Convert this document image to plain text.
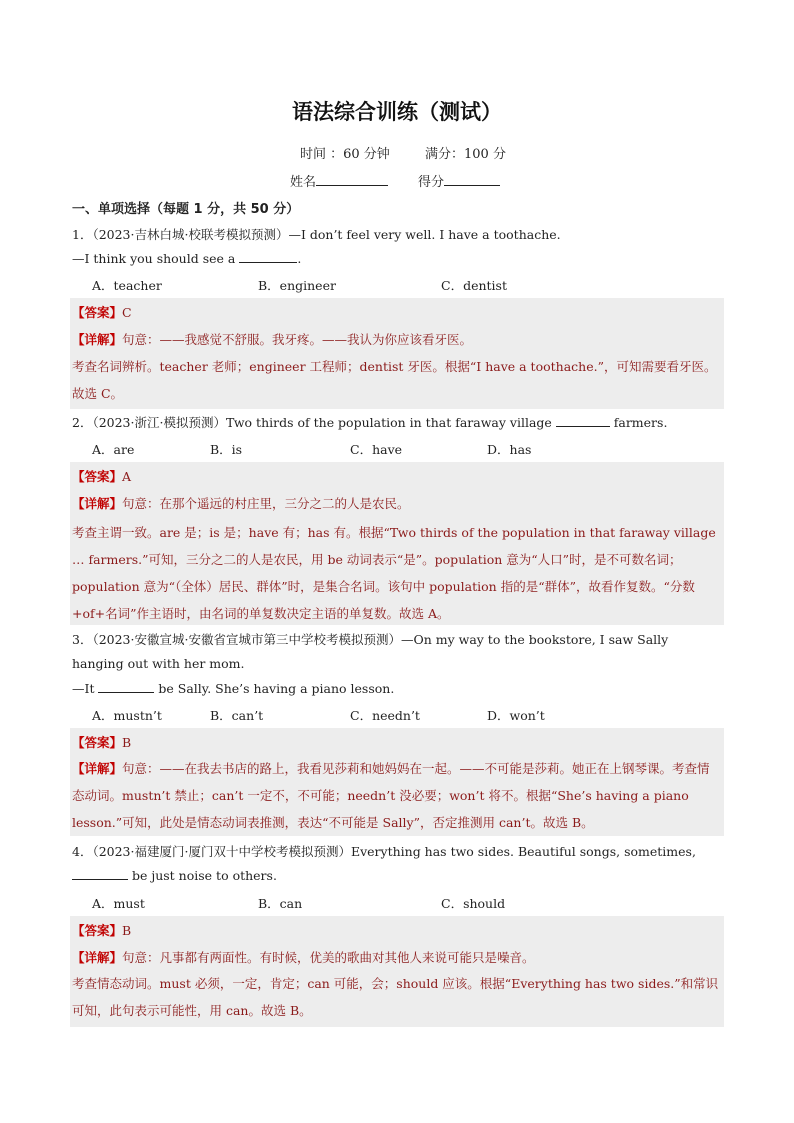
语法综合训练（测试）
时间 ：60 分钟	满分：100 分
姓名	得分
一、单项选择（每题 1 分，共 50 分）
1．（2023·吉林白城·校联考模拟预测）—I don’t feel very well. I have a toothache.
—I think you should see a	.
A．teacher	B．engineer	C．dentist
【答案】C
【详解】句意：——我感觉不舒服。我牙疼。——我认为你应该看牙医。
考查名词辨析。teacher 老师；engineer 工程师；dentist 牙医。根据“I have a toothache.”，可知需要看牙医。
故选 C。
2．（2023·浙江·模拟预测）Two thirds of the population in that faraway village	farmers.
A．are	B．is	C．have	D．has
【答案】A
【详解】句意：在那个遥远的村庄里，三分之二的人是农民。
考查主谓一致。are 是；is 是；have 有；has 有。根据“Two thirds of the population in that faraway village … farmers.”可知，三分之二的人是农民，用 be 动词表示“是”。population 意为“人口”时，是不可数名词；population 意为“（全体）居民、群体”时，是集合名词。该句中 population 指的是“群体”，故看作复数。“分数+of+名词”作主语时，由名词的单复数决定主语的单复数。故选 A。
3．（2023·安徽宣城·安徽省宣城市第三中学校考模拟预测）—On my way to the bookstore, I saw Sally
hanging out with her mom.
—It	be Sally. She’s having a piano lesson.
A．mustn’t	B．can’t	C．needn’t	D．won’t
【答案】B
【详解】句意：——在我去书店的路上，我看见莎莉和她妈妈在一起。——不可能是莎莉。她正在上钢琴课。考查情态动词。mustn’t 禁止；can’t 一定不，不可能；needn’t 没必要；won’t 将不。根据“She’s having a piano lesson.”可知，此处是情态动词表推测，表达“不可能是 Sally”，否定推测用 can’t。故选 B。
4．（2023·福建厦门·厦门双十中学校考模拟预测）Everything has two sides. Beautiful songs, sometimes,
be just noise to others.
A．must	B．can	C．should
【答案】B
【详解】句意：凡事都有两面性。有时候，优美的歌曲对其他人来说可能只是噪音。
考查情态动词。must 必须，一定，肯定；can 可能，会；should 应该。根据“Everything has two sides.”和常识可知，此句表示可能性，用 can。故选 B。
